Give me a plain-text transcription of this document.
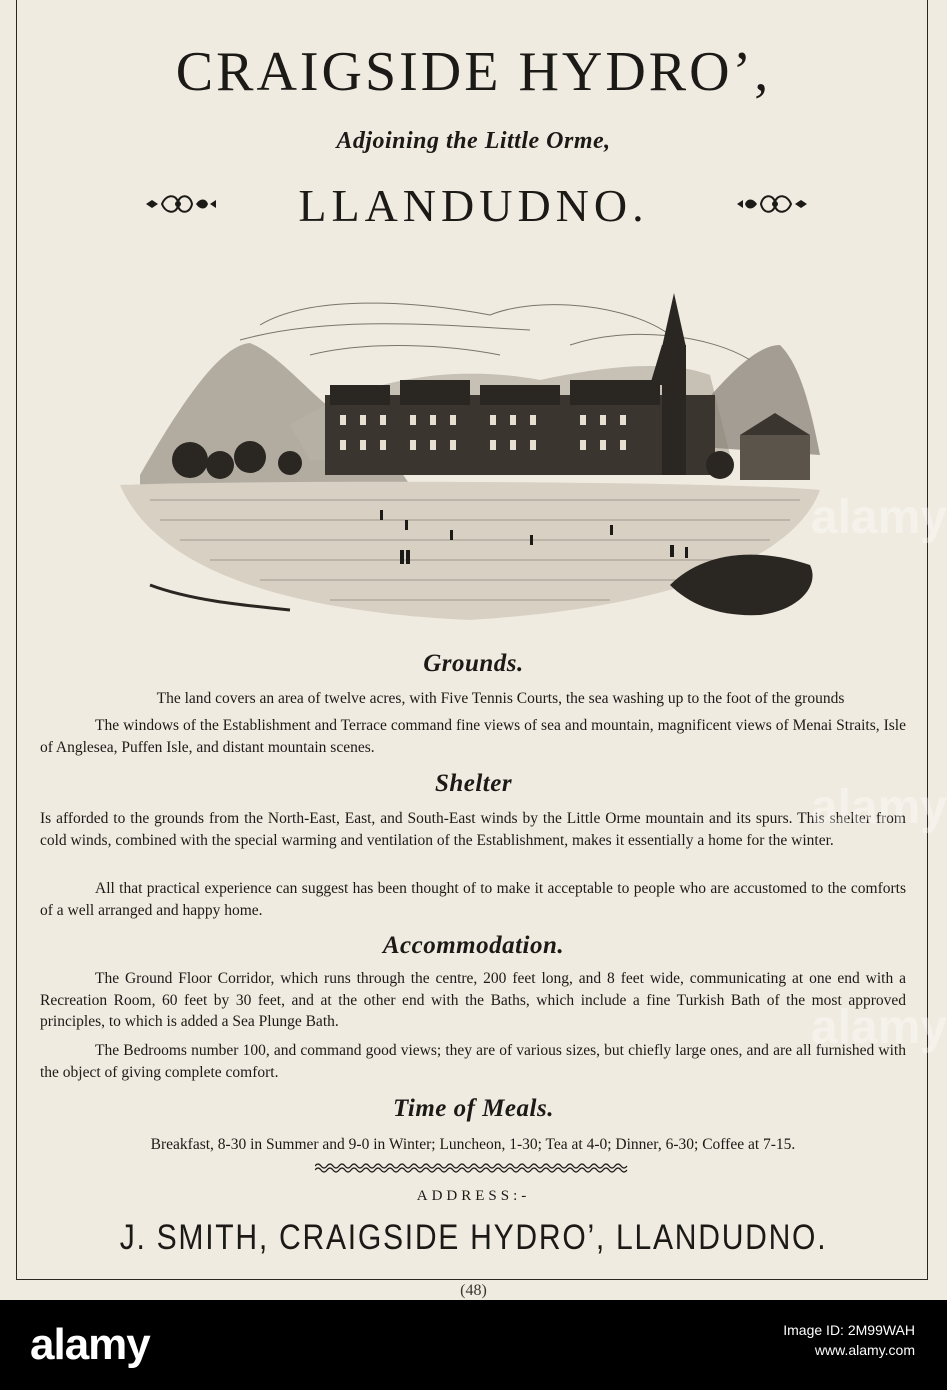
CRAIGSIDE HYDRO’,
Adjoining the Little Orme,
LLANDUDNO.
Grounds.

The land covers an area of twelve acres, with Five Tennis Courts, the sea washing up to the foot of the grounds

The windows of the Establishment and Terrace command fine views of sea and mountain, magnificent views of Menai Straits, Isle of Anglesea, Puffen Isle, and distant mountain scenes.

Shelter

Is afforded to the grounds from the North-East, East, and South-East winds by the Little Orme mountain and its spurs. This shelter from cold winds, combined with the special warming and ventilation of the Establishment, makes it essentially a home for the winter.

All that practical experience can suggest has been thought of to make it acceptable to people who are accustomed to the comforts of a well arranged and happy home.

Accommodation.

The Ground Floor Corridor, which runs through the centre, 200 feet long, and 8 feet wide, communicating at one end with a Recreation Room, 60 feet by 30 feet, and at the other end with the Baths, which include a fine Turkish Bath of the most approved principles, to which is added a Sea Plunge Bath.

The Bedrooms number 100, and command good views; they are of various sizes, but chiefly large ones, and are all furnished with the object of giving complete comfort.

Time of Meals.

Breakfast, 8-30 in Summer and 9-0 in Winter; Luncheon, 1-30; Tea at 4-0; Dinner, 6-30; Coffee at 7-15.

ADDRESS:-
J. SMITH, CRAIGSIDE HYDRO’, LLANDUDNO.
(48)
alamy
alamy
alamy
alamy	Image ID: 2M99WAH
www.alamy.com
